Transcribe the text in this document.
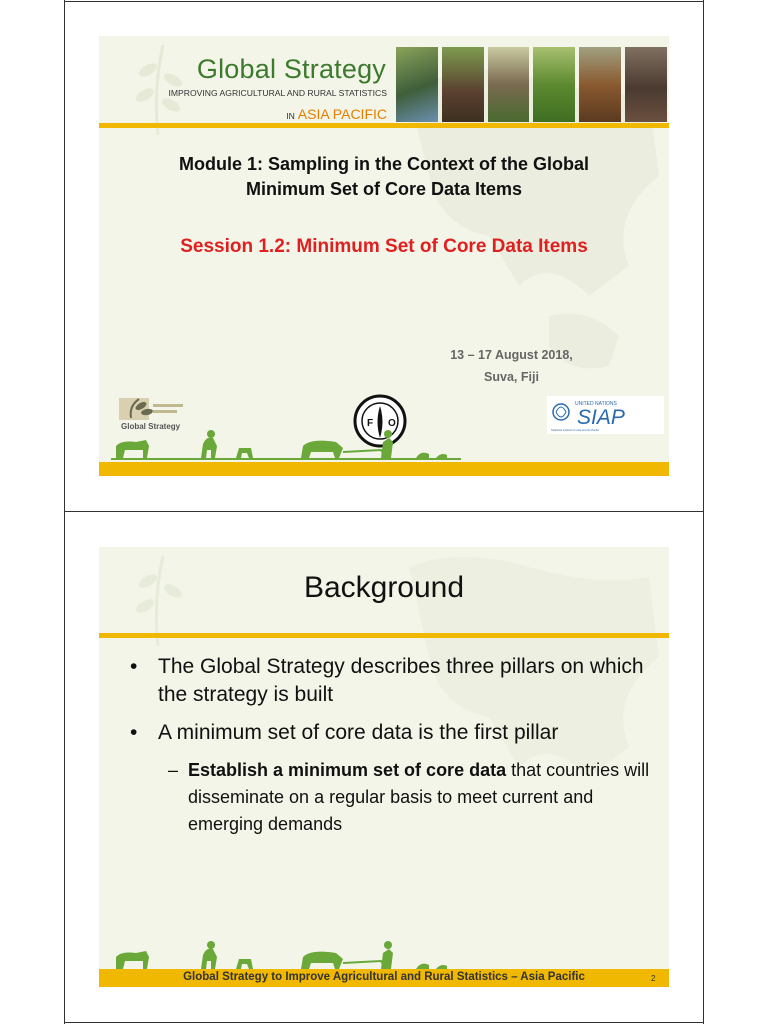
Global Strategy
IMPROVING AGRICULTURAL AND RURAL STATISTICS
IN ASIA PACIFIC
Module 1: Sampling in the Context of the Global
Minimum Set of Core Data Items
Session 1.2: Minimum Set of Core Data Items
13 – 17 August 2018,
Suva, Fiji
Global Strategy	F O
UNITED NATIONS
SIAP
Statistical Institute for Asia and the Pacific
Background
• The Global Strategy describes three pillars on which the strategy is built
• A minimum set of core data is the first pillar
– Establish a minimum set of core data that countries will disseminate on a regular basis to meet current and emerging demands
Global Strategy to Improve Agricultural and Rural Statistics – Asia Pacific	2
